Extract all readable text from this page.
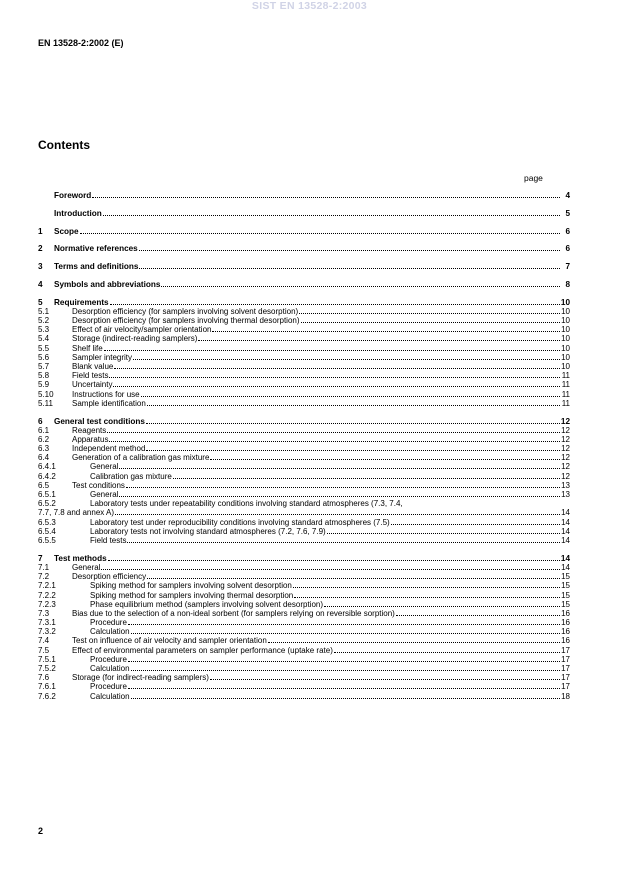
SIST EN 13528-2:2003
EN 13528-2:2002 (E)
Contents
page
Foreword	4
Introduction	5
1	Scope	6
2	Normative references	6
3	Terms and definitions	7
4	Symbols and abbreviations	8
5	Requirements	10
5.1	Desorption efficiency (for samplers involving solvent desorption)	10
5.2	Desorption efficiency (for samplers involving thermal desorption)	10
5.3	Effect of air velocity/sampler orientation	10
5.4	Storage (indirect-reading samplers)	10
5.5	Shelf life	10
5.6	Sampler integrity	10
5.7	Blank value	10
5.8	Field tests	11
5.9	Uncertainty	11
5.10	Instructions for use	11
5.11	Sample identification	11
6	General test conditions	12
6.1	Reagents	12
6.2	Apparatus	12
6.3	Independent method	12
6.4	Generation of a calibration gas mixture	12
6.4.1	General	12
6.4.2	Calibration gas mixture	12
6.5	Test conditions	13
6.5.1	General	13
6.5.2	Laboratory tests under repeatability conditions involving standard atmospheres (7.3, 7.4,
7.7, 7.8 and annex A)	14
6.5.3	Laboratory test under reproducibility conditions involving standard atmospheres (7.5)	14
6.5.4	Laboratory tests not involving standard atmospheres (7.2, 7.6, 7.9)	14
6.5.5	Field tests	14
7	Test methods	14
7.1	General	14
7.2	Desorption efficiency	15
7.2.1	Spiking method for samplers involving solvent desorption	15
7.2.2	Spiking method for samplers involving thermal desorption	15
7.2.3	Phase equilibrium method (samplers involving solvent desorption)	15
7.3	Bias due to the selection of a non-ideal sorbent (for samplers relying on reversible sorption)	16
7.3.1	Procedure	16
7.3.2	Calculation	16
7.4	Test on influence of air velocity and sampler orientation	16
7.5	Effect of environmental parameters on sampler performance (uptake rate)	17
7.5.1	Procedure	17
7.5.2	Calculation	17
7.6	Storage (for indirect-reading samplers)	17
7.6.1	Procedure	17
7.6.2	Calculation	18
2
